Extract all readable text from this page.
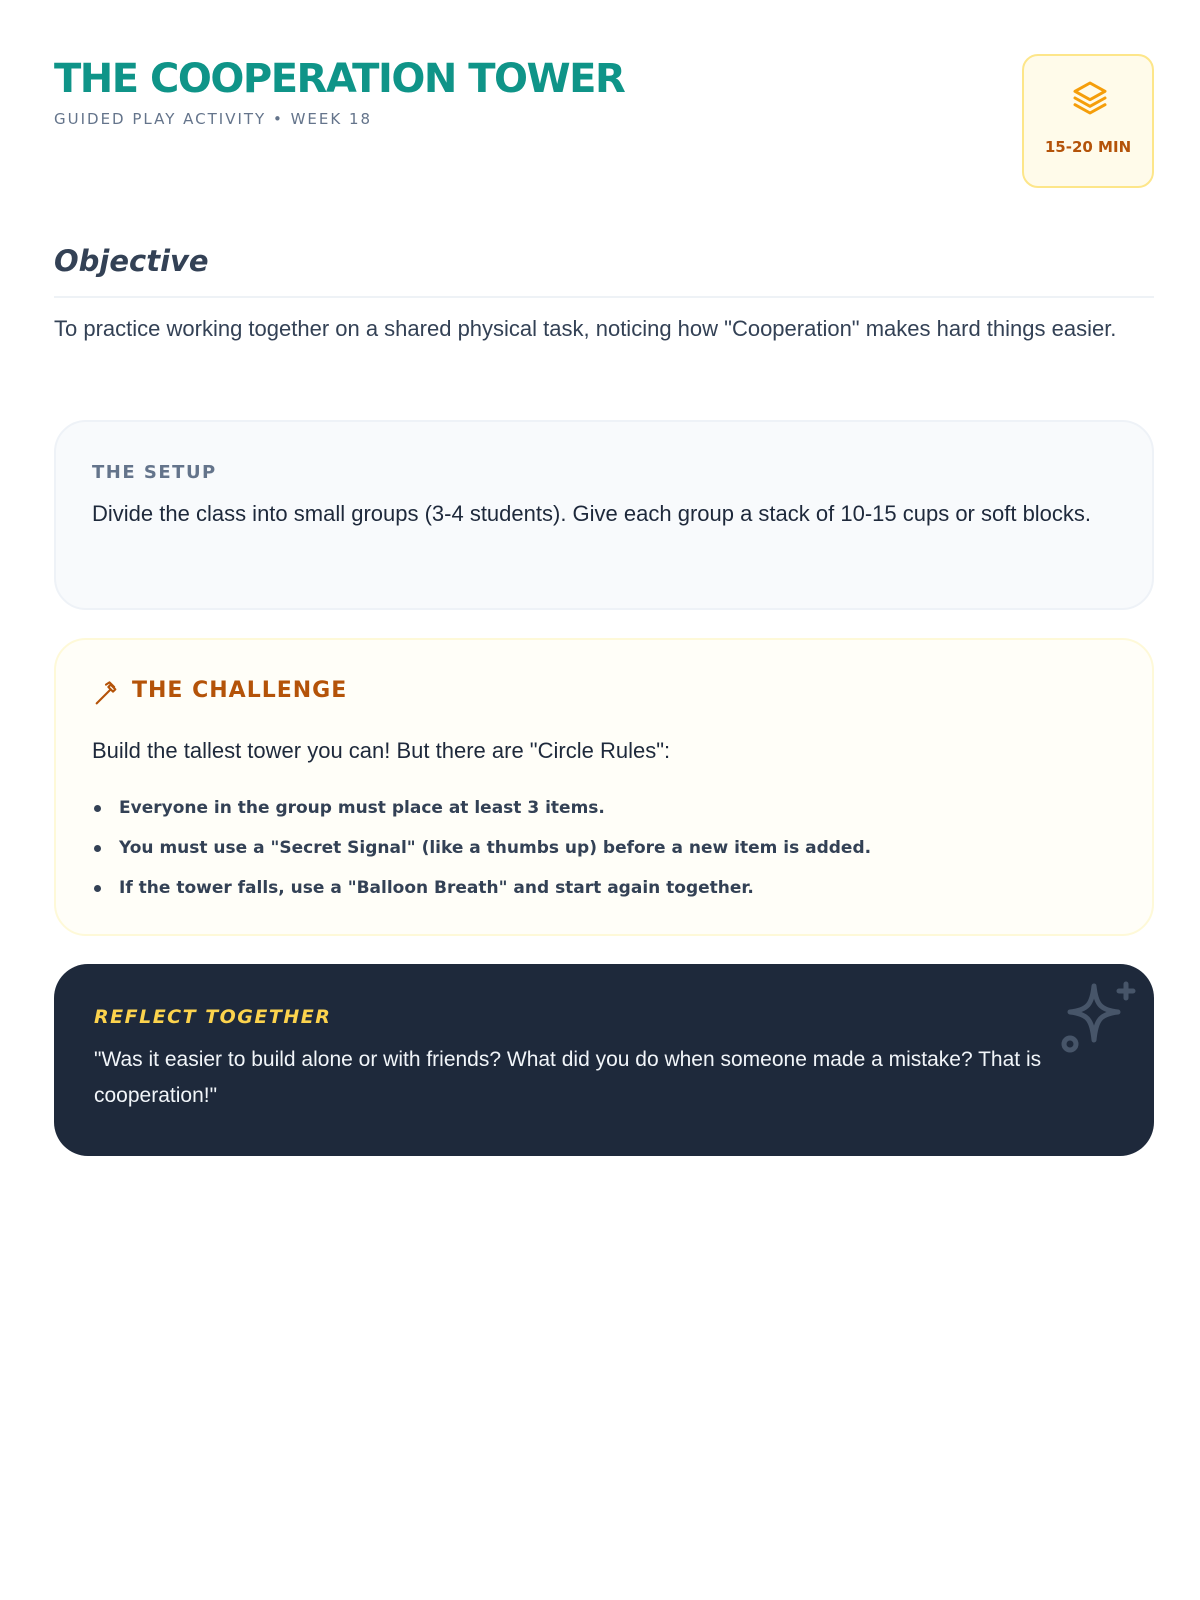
THE COOPERATION TOWER
GUIDED PLAY ACTIVITY • WEEK 18
15-20 MIN
Objective
To practice working together on a shared physical task, noticing how "Cooperation" makes hard things easier.
THE SETUP
Divide the class into small groups (3-4 students). Give each group a stack of 10-15 cups or soft blocks.
THE CHALLENGE
Build the tallest tower you can! But there are "Circle Rules":
Everyone in the group must place at least 3 items.
You must use a "Secret Signal" (like a thumbs up) before a new item is added.
If the tower falls, use a "Balloon Breath" and start again together.
REFLECT TOGETHER
"Was it easier to build alone or with friends? What did you do when someone made a mistake? That is cooperation!"
